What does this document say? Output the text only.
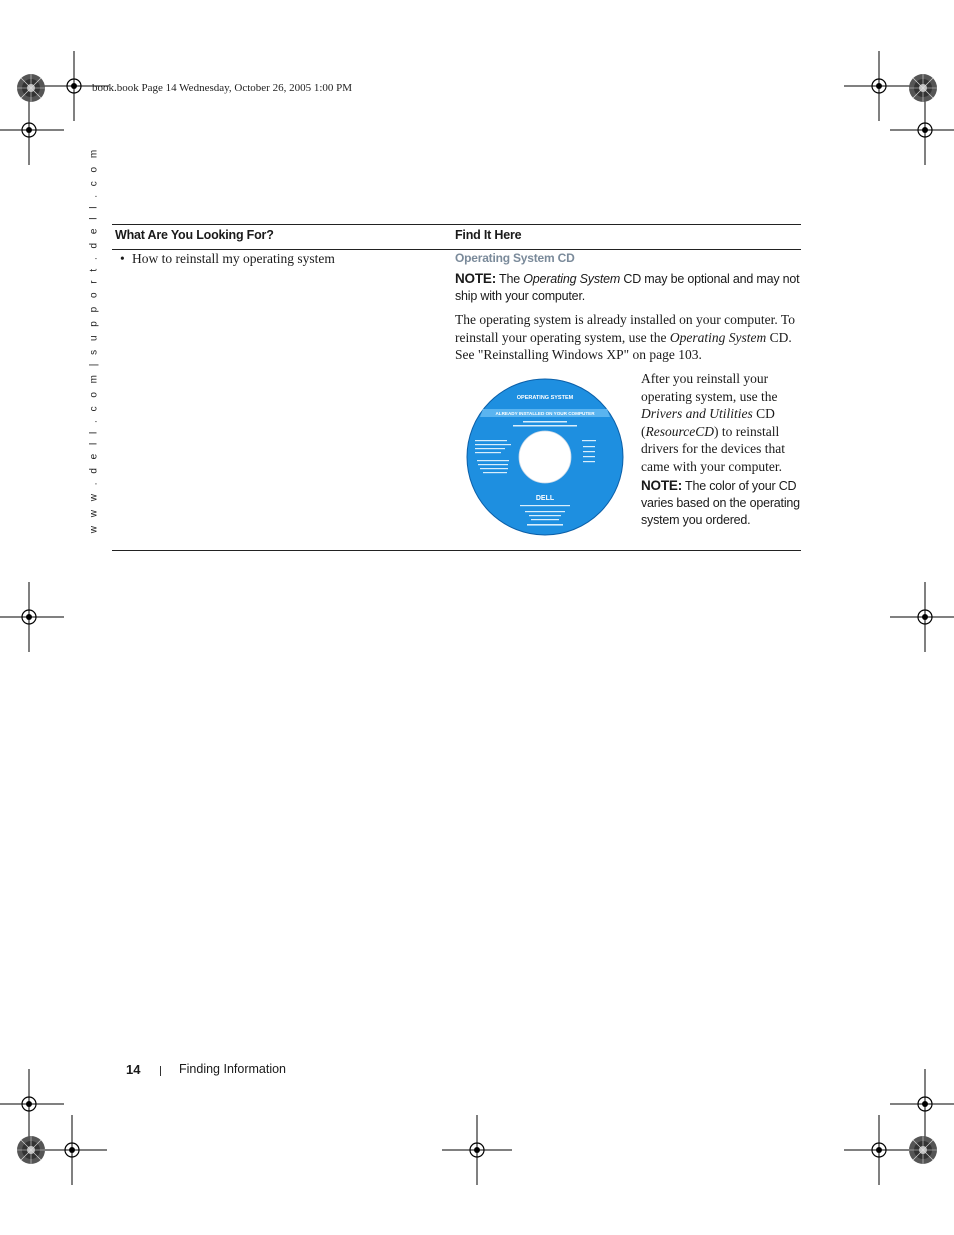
book.book Page 14 Wednesday, October 26, 2005 1:00 PM
w w w . d e l l . c o m | s u p p o r t . d e l l . c o m What Are You Looking For?	Find It Here
• How to reinstall my operating system	Operating System CD

NOTE: The Operating System CD may be optional and may not ship with your computer.

The operating system is already installed on your computer. To reinstall your operating system, use the Operating System CD. See "Reinstalling Windows XP" on page 103.

OPERATING SYSTEM
ALREADY INSTALLED ON YOUR COMPUTER
DELL

After you reinstall your operating system, use the Drivers and Utilities CD (ResourceCD) to reinstall drivers for the devices that came with your computer.

NOTE: The color of your CD varies based on the operating system you ordered.

14	Finding Information
